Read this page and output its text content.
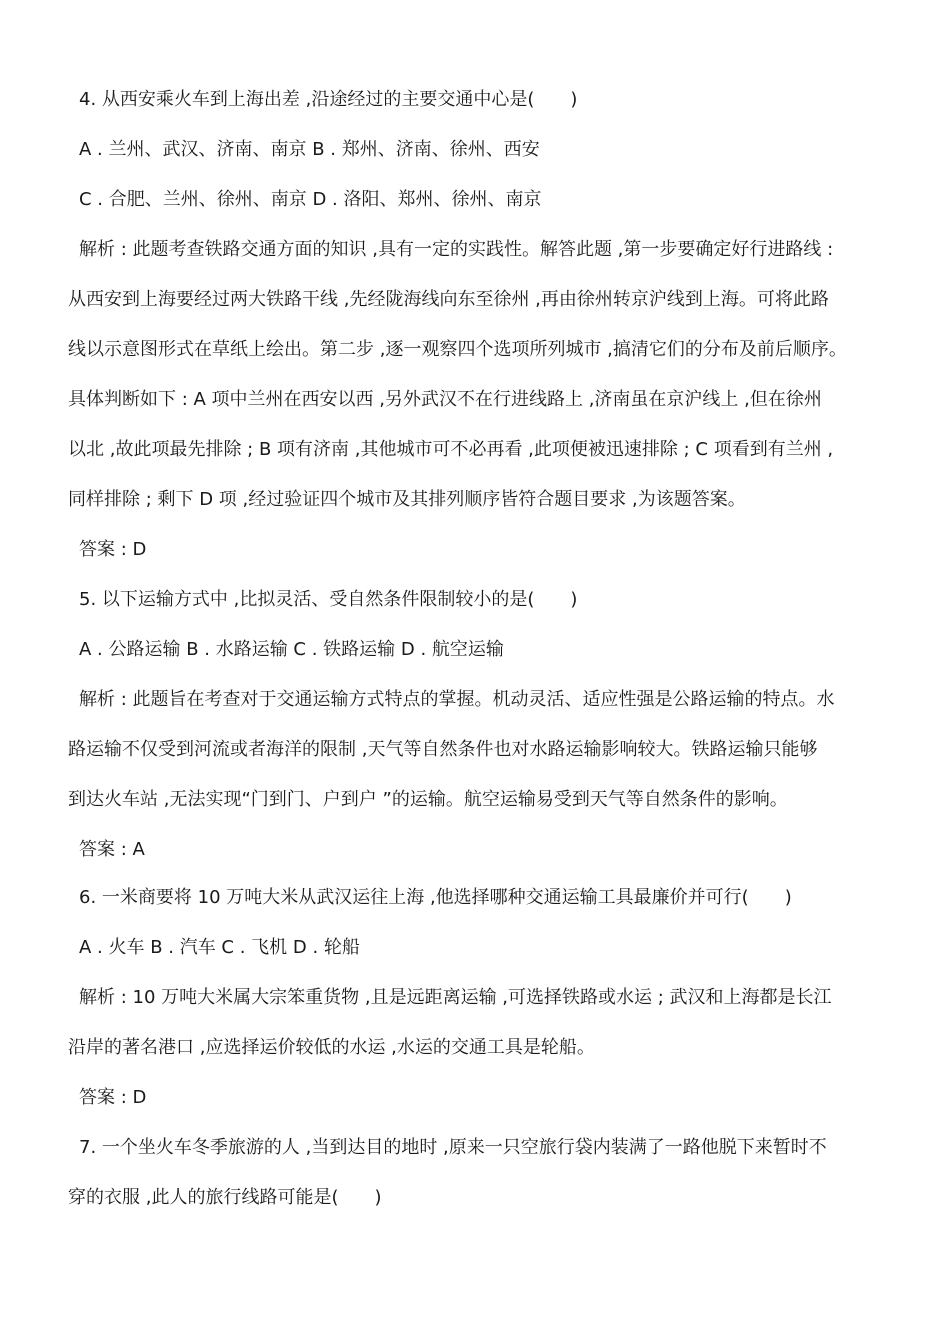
4. 从西安乘火车到上海出差 ,沿途经过的主要交通中心是(　　)
A . 兰州、武汉、济南、南京 B . 郑州、济南、徐州、西安
C . 合肥、兰州、徐州、南京 D . 洛阳、郑州、徐州、南京
解析 : 此题考查铁路交通方面的知识 ,具有一定的实践性。解答此题 ,第一步要确定好行进路线 :
从西安到上海要经过两大铁路干线 ,先经陇海线向东至徐州 ,再由徐州转京沪线到上海。可将此路
线以示意图形式在草纸上绘出。第二步 ,逐一观察四个选项所列城市 ,搞清它们的分布及前后顺序。
具体判断如下 : A 项中兰州在西安以西 ,另外武汉不在行进线路上 ,济南虽在京沪线上 ,但在徐州
以北 ,故此项最先排除 ; B 项有济南 ,其他城市可不必再看 ,此项便被迅速排除 ; C 项看到有兰州 ,
同样排除 ; 剩下 D 项 ,经过验证四个城市及其排列顺序皆符合题目要求 ,为该题答案。
答案 : D
5. 以下运输方式中 ,比拟灵活、受自然条件限制较小的是(　　)
A . 公路运输 B . 水路运输 C . 铁路运输 D . 航空运输
解析 : 此题旨在考查对于交通运输方式特点的掌握。机动灵活、适应性强是公路运输的特点。水
路运输不仅受到河流或者海洋的限制 ,天气等自然条件也对水路运输影响较大。铁路运输只能够
到达火车站 ,无法实现“门到门、户到户 ”的运输。航空运输易受到天气等自然条件的影响。
答案 : A
6. 一米商要将 10 万吨大米从武汉运往上海 ,他选择哪种交通运输工具最廉价并可行(　　)
A . 火车 B . 汽车 C . 飞机 D . 轮船
解析 : 10 万吨大米属大宗笨重货物 ,且是远距离运输 ,可选择铁路或水运 ; 武汉和上海都是长江
沿岸的著名港口 ,应选择运价较低的水运 ,水运的交通工具是轮船。
答案 : D
7. 一个坐火车冬季旅游的人 ,当到达目的地时 ,原来一只空旅行袋内装满了一路他脱下来暂时不
穿的衣服 ,此人的旅行线路可能是(　　)
